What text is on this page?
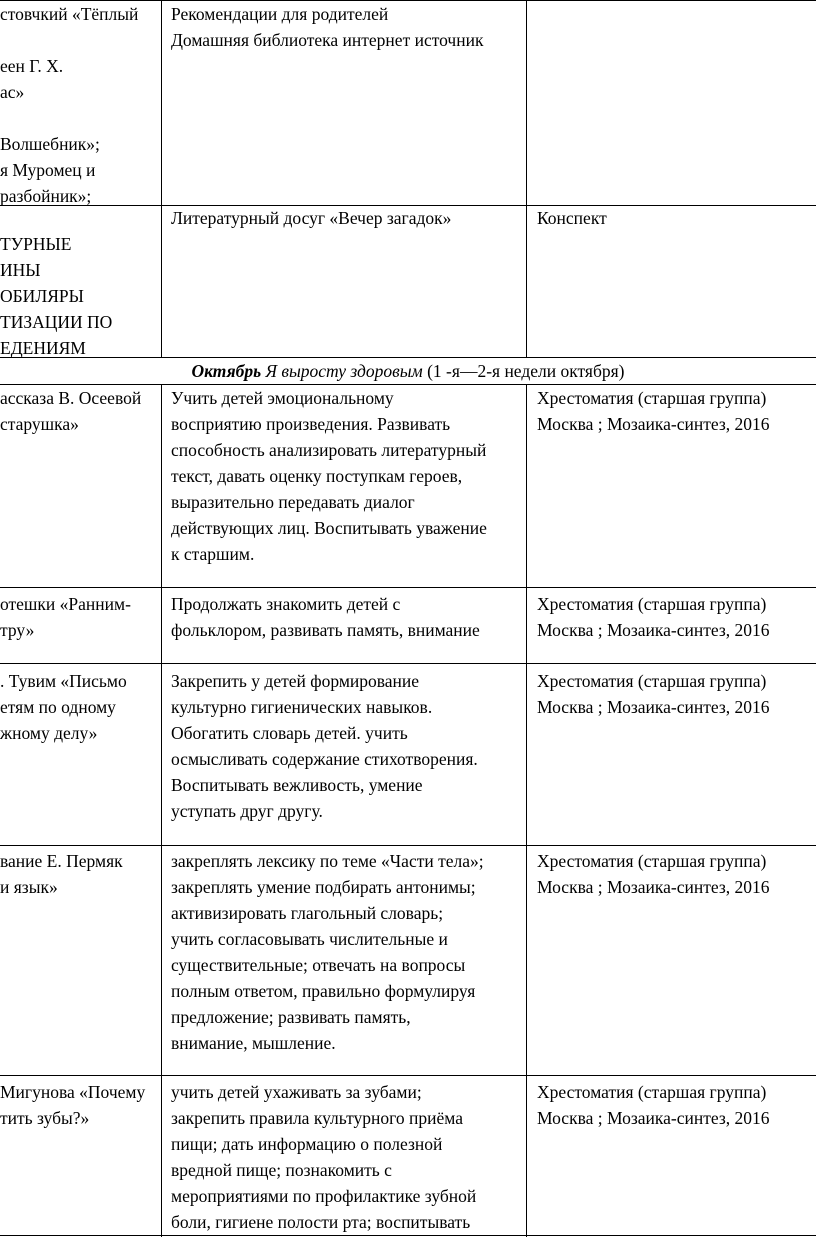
стовчкий «Тёплый

еен Г. Х.
ас»

Волшебник»;
я Муромец и
разбойник»;
Рекомендации для родителей
Домашняя библиотека интернет источник

ТУРНЫЕ
ИНЫ
ОБИЛЯРЫ
ТИЗАЦИИ ПО
ЕДЕНИЯМ
Литературный досуг «Вечер загадок»	Конспект
Октябрь Я выросту здоровым (1 -я—2-я недели октября)
ассказа В. Осеевой
старушка»
Учить детей эмоциональному
восприятию произведения. Развивать
способность анализировать литературный
текст, давать оценку поступкам героев,
выразительно передавать диалог
действующих лиц. Воспитывать уважение
к старшим.
Хрестоматия (старшая группа)
Москва ; Мозаика-синтез, 2016
отешки «Ранним-
тру»
Продолжать знакомить детей с
фольклором, развивать память, внимание
Хрестоматия (старшая группа)
Москва ; Мозаика-синтез, 2016
. Тувим «Письмо
етям по одному
жному делу»
Закрепить у детей формирование
культурно гигиенических навыков.
Обогатить словарь детей. учить
осмысливать содержание стихотворения.
Воспитывать вежливость, умение
уступать друг другу.
Хрестоматия (старшая группа)
Москва ; Мозаика-синтез, 2016
вание Е. Пермяк
и язык»
закреплять лексику по теме «Части тела»;
закреплять умение подбирать антонимы;
активизировать глагольный словарь;
учить согласовывать числительные и
существительные; отвечать на вопросы
полным ответом, правильно формулируя
предложение; развивать память,
внимание, мышление.
Хрестоматия (старшая группа)
Москва ; Мозаика-синтез, 2016
Мигунова «Почему
тить зубы?»
учить детей ухаживать за зубами;
закрепить правила культурного приёма
пищи; дать информацию о полезной
вредной пище; познакомить с
мероприятиями по профилактике зубной
боли, гигиене полости рта; воспитывать
Хрестоматия (старшая группа)
Москва ; Мозаика-синтез, 2016
